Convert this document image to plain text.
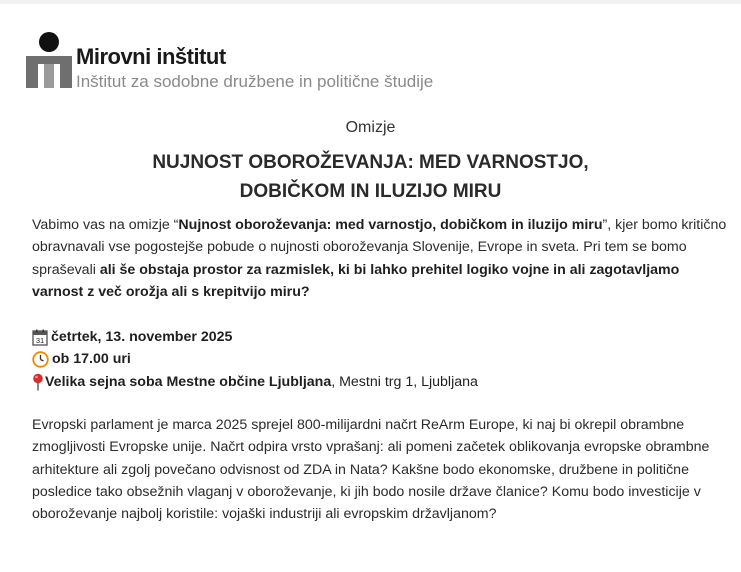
Mirovni inštitut
Inštitut za sodobne družbene in politične študije
Omizje
NUJNOST OBOROŽEVANJA: MED VARNOSTJO,
DOBIČKOM IN ILUZIJO MIRU
Vabimo vas na omizje “Nujnost oboroževanja: med varnostjo, dobičkom in iluzijo miru”, kjer bomo kritično obravnavali vse pogostejše pobude o nujnosti oboroževanja Slovenije, Evrope in sveta. Pri tem se bomo spraševali ali še obstaja prostor za razmislek, ki bi lahko prehitel logiko vojne in ali zagotavljamo varnost z več orožja ali s krepitvijo miru?
31 četrtek, 13. november 2025
ob 17.00 uri
Velika sejna soba Mestne občine Ljubljana , Mestni trg 1, Ljubljana
Evropski parlament je marca 2025 sprejel 800-milijardni načrt ReArm Europe, ki naj bi okrepil obrambne zmogljivosti Evropske unije. Načrt odpira vrsto vprašanj: ali pomeni začetek oblikovanja evropske obrambne arhitekture ali zgolj povečano odvisnost od ZDA in Nata? Kakšne bodo ekonomske, družbene in politične posledice tako obsežnih vlaganj v oboroževanje, ki jih bodo nosile države članice? Komu bodo investicije v oboroževanje najbolj koristile: vojaški industriji ali evropskim državljanom?
